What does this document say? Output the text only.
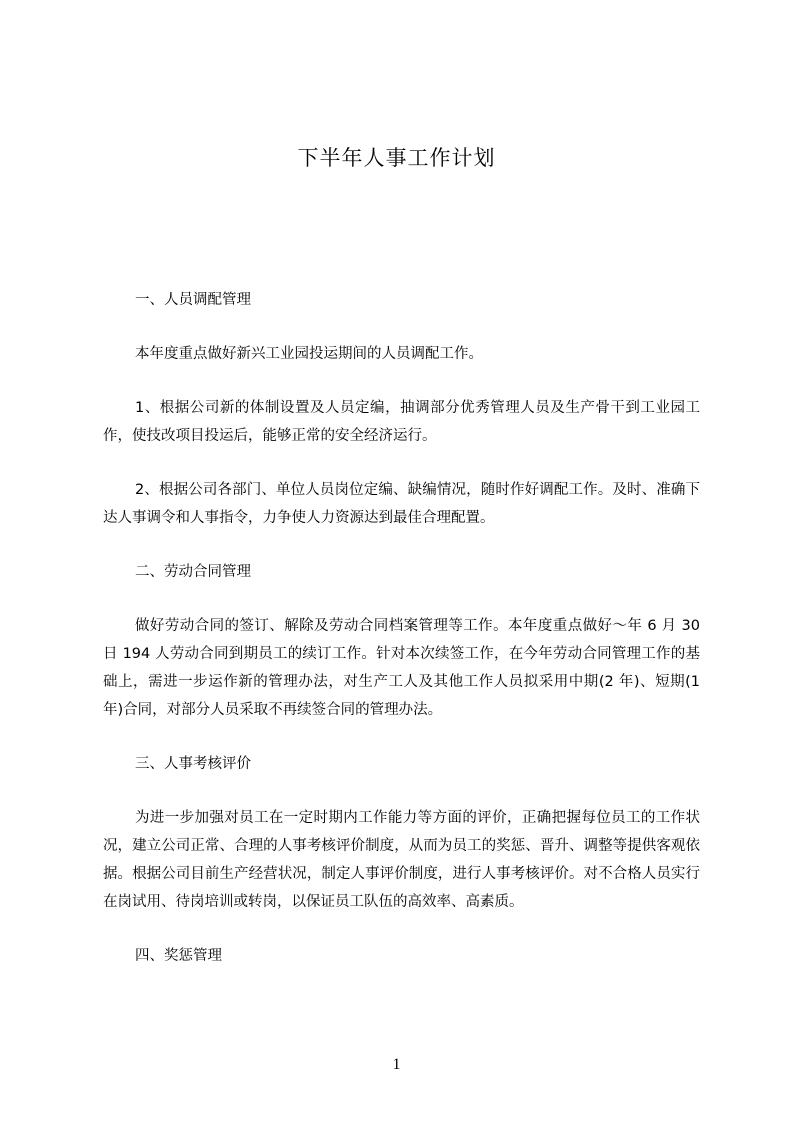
下半年人事工作计划
一、人员调配管理
本年度重点做好新兴工业园投运期间的人员调配工作。
1、根据公司新的体制设置及人员定编，抽调部分优秀管理人员及生产骨干到工业园工作，使技改项目投运后，能够正常的安全经济运行。
2、根据公司各部门、单位人员岗位定编、缺编情况，随时作好调配工作。及时、准确下达人事调令和人事指令，力争使人力资源达到最佳合理配置。
二、劳动合同管理
做好劳动合同的签订、解除及劳动合同档案管理等工作。本年度重点做好～年 6 月 30 日 194 人劳动合同到期员工的续订工作。针对本次续签工作，在今年劳动合同管理工作的基础上，需进一步运作新的管理办法，对生产工人及其他工作人员拟采用中期(2 年)、短期(1 年)合同，对部分人员采取不再续签合同的管理办法。
三、人事考核评价
为进一步加强对员工在一定时期内工作能力等方面的评价，正确把握每位员工的工作状况，建立公司正常、合理的人事考核评价制度，从而为员工的奖惩、晋升、调整等提供客观依据。根据公司目前生产经营状况，制定人事评价制度，进行人事考核评价。对不合格人员实行在岗试用、待岗培训或转岗，以保证员工队伍的高效率、高素质。
四、奖惩管理
1
